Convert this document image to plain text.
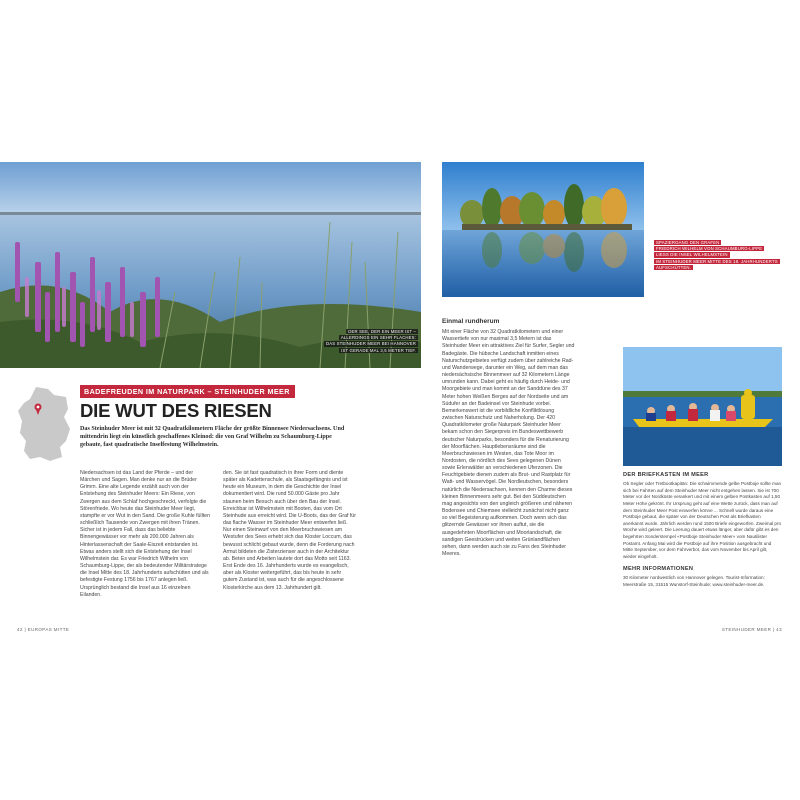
DER SEE, DER EIN MEER IST –
ALLERDINGS EIN SEHR FLACHES:
DAS STEINHUDER MEER BEI HANNOVER
IST GERADE MAL 3,5 METER TIEF.
BADEFREUDEN IM NATURPARK – STEINHUDER MEER
DIE WUT DES RIESEN
Das Steinhuder Meer ist mit 32 Quadratkilometern Fläche der größte Binnensee Niedersachsens. Und mittendrin liegt ein künstlich geschaffenes Kleinod: die von Graf Wilhelm zu Schaumburg-Lippe gebaute, fast quadratische Inselfestung Wilhelmstein.

Niedersachsen ist das Land der Pferde – und der Märchen und Sagen. Man denke nur an die Brüder Grimm. Eine alte Legende erzählt auch von der Entstehung des Steinhuder Meers: Ein Riese, von Zwergen aus dem Schlaf hochgeschreckt, verfolgte die Störenfriede. Wo heute das Steinhuder Meer liegt, stampfte er vor Wut in den Sand. Die große Kuhle füllten schließlich Tausende von Zwergen mit ihren Tränen. Sicher ist in jedem Fall, dass das beliebte Binnengewässer vor mehr als 200.000 Jahren als Hinterlassenschaft der Saale-Eiszeit entstanden ist. Etwas anders stellt sich die Entstehung der Insel Wilhelmstein dar. Es war Friedrich Wilhelm von Schaumburg-Lippe, der als bedeutender Militärstratege die Insel Mitte des 18. Jahrhunderts aufschütten und als befestigte Festung 1756 bis 1767 anlegen ließ. Ursprünglich bestand die Insel aus 16 einzelnen Eilanden.

den. Sie ist fast quadratisch in ihrer Form und diente später als Kadettenschule, als Staatsgefängnis und ist heute ein Museum, in dem die Geschichte der Insel dokumentiert wird. Die rund 50.000 Gäste pro Jahr staunen beim Besuch auch über den Bau der Insel. Erreichbar ist Wilhelmstein mit Booten, das vom Ort Steinhude aus erreicht wird. Die U-Boots, das der Graf für das flache Wasser im Steinhuder Meer entwerfen ließ. Nur einen Steinwurf von den Meerbruchswiesen am Westufer des Sees erhebt sich das Kloster Loccum, das bewusst schlicht gebaut wurde, denn die Forderung nach Armut bildeten die Zisterzienser auch in der Architektur ab. Beten und Arbeiten lautete dort das Motto seit 1163. Erst Ende des 16. Jahrhunderts wurde es evangelisch, aber als Kloster weitergeführt, das bis heute in sehr gutem Zustand ist, was auch für die angeschlossene Klosterkirche aus dem 13. Jahrhundert gilt.

42 | EUROPAS MITTE
SPAZIERGANG DEN GRAFEN
FRIEDRICH WILHELM VON SCHAUMBURG-LIPPE
LIESS DIE INSEL WILHELMSTEIN
IM STEINHUDER MEER MITTE DES 18. JAHRHUNDERTS
AUFSCHÜTTEN.
Einmal rundherum

Mit einer Fläche von 32 Quadratkilometern und einer Wassertiefe von nur maximal 3,5 Metern ist das Steinhuder Meer ein attraktives Ziel für Surfer, Segler und Badegäste. Die hübsche Landschaft inmitten eines Naturschutzgebietes verfügt zudem über zahlreiche Rad- und Wanderwege, darunter ein Weg, auf dem man das niedersächsische Binnenmeer auf 32 Kilometern Länge umrunden kann. Dabei geht es häufig durch Heide- und Moorgebiete und man kommt an der Sanddüne des 37 Meter hohen Weißen Berges auf der Nordseite und am Südufer an der Badeinsel vor Steinhude vorbei. Bemerkenswert ist die vorbildliche Konfliktlösung zwischen Naturschutz und Naherholung. Der 420 Quadratkilometer große Naturpark Steinhuder Meer bekam schon den Siegerpreis im Bundeswettbewerb deutscher Naturparks, besonders für die Renaturierung der Moorflächen. Hauptlebensräume sind die Meerbruchswiesen im Westen, das Tote Moor im Nordosten, die nördlich des Sees gelegenen Dünen sowie Erlenwälder an verschiedenen Uferzonen. Die Feuchtgebiete dienen zudem als Brut- und Rastplatz für Watt- und Wasservögel. Die Nordleutschen, besonders natürlich die Niedersachsen, kennen den Charme dieses kleinen Binnenmeers sehr gut. Bei den Süddeutschen mag angesichts von den ungleich größeren und näheren Bodensee und Chiemsee vielleicht zunächst nicht ganz so viel Begeisterung aufkommen. Doch wenn sich das glitzernde Gewässer vor ihnen auftut, sie die ausgedehnten Moorflächen und Moorlandschaft, die sandigen Geestrücken und weiten Grünlandflächen sehen, dann werden auch sie zu Fans des Steinhuder Meeres.

DER BRIEFKASTEN IM MEER

Ob Segler oder Tretbootkapitän: Die schwimmende gelbe Postboje sollte man sich bei Fahrten auf dem Steinhuder Meer nicht entgehen lassen. Sie ist 700 Meter vor der Nordküste verankert und mit einem gelben Postkasten auf 1,50 Meter Höhe gekrönt. Ihr Ursprung geht auf eine Wette zurück, dass man auf dem Steinhuder Meer Post einwerfen könne ... Schnell wurde daraus eine Postboje gebaut, die später von der Deutschen Post als Briefkasten anerkannt wurde. Jährlich werden rund 1500 Briefe eingeworfen. Zweimal pro Woche wird geleert. Die Leerung dauert etwas länger, aber dafür gibt es den begehrten Sonderstempel «Postboje Steinhuder Meer» vom Nautilister Postamt. Anfang Mai wird die Postboje auf ihre Position ausgebracht und Mitte September, vor dem Fahrverbot, das vom November bis April gilt, wieder eingeholt.

MEHR INFORMATIONEN

30 Kilometer nordwestlich von Hannover gelegen. Tourist-Information: Meerstraße 15, 31515 Wunstorf-Steinhude; www.steinhuder-meer.de.

STEINHUDER MEER | 43
